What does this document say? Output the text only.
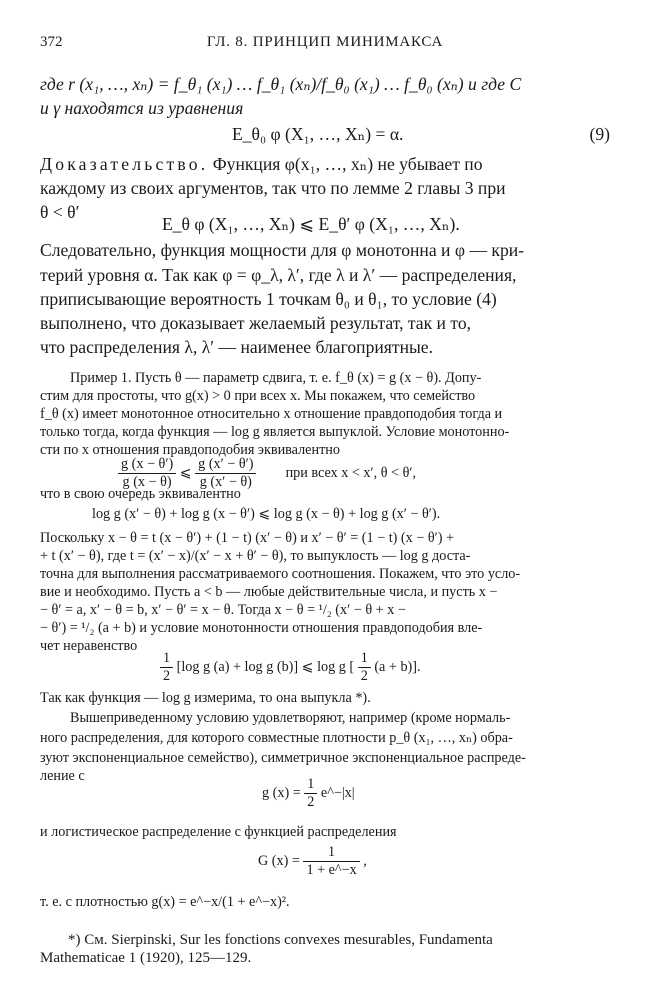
372	ГЛ. 8. ПРИНЦИП МИНИМАКСА
где r (x₁, …, xₙ) = f_θ₁ (x₁) … f_θ₁ (xₙ)/f_θ₀ (x₁) … f_θ₀ (xₙ) и где C
и γ находятся из уравнения
E_θ₀ φ (X₁, …, Xₙ) = α.	(9)
Доказательство. Функция φ(x₁, …, xₙ) не убывает по
каждому из своих аргументов, так что по лемме 2 главы 3 при
θ < θ′
E_θ φ (X₁, …, Xₙ) ⩽ E_θ′ φ (X₁, …, Xₙ).
Следовательно, функция мощности для φ монотонна и φ — кри-
терий уровня α. Так как φ = φ_λ, λ′, где λ и λ′ — распределения,
приписывающие вероятность 1 точкам θ₀ и θ₁, то условие (4)
выполнено, что доказывает желаемый результат, так и то,
что распределения λ, λ′ — наименее благоприятные.
Пример 1. Пусть θ — параметр сдвига, т. е. f_θ (x) = g (x − θ). Допу-
стим для простоты, что g(x) > 0 при всех x. Мы покажем, что семейство
f_θ (x) имеет монотонное относительно x отношение правдоподобия тогда и
только тогда, когда функция — log g является выпуклой. Условие монотонно-
сти по x отношения правдоподобия эквивалентно
$\frac{g (x - \theta')}{g (x - \theta)}$ ⩽ $\frac{g (x' - \theta')}{g (x' - \theta)}$ при всех x < x′, θ < θ′,
что в свою очередь эквивалентно
log g (x′ − θ) + log g (x − θ′) ⩽ log g (x − θ) + log g (x′ − θ′).
Поскольку x − θ = t (x − θ′) + (1 − t) (x′ − θ) и x′ − θ′ = (1 − t) (x − θ′) +
+ t (x′ − θ), где t = (x′ − x)/(x′ − x + θ′ − θ), то выпуклость — log g доста-
точна для выполнения рассматриваемого соотношения. Покажем, что это усло-
вие и необходимо. Пусть a < b — любые действительные числа, и пусть x −
− θ′ = a, x′ − θ = b, x′ − θ′ = x − θ. Тогда x − θ = ¹/₂ (x′ − θ + x −
− θ′) = ¹/₂ (a + b) и условие монотонности отношения правдоподобия вле-
чет неравенство
$\frac{1}{2} [\log$ g (a) + log g (b)] ⩽ log g [ $\frac{1}{2} (a + b)$].
Так как функция — log g измерима, то она выпукла *).
Вышеприведенному условию удовлетворяют, например (кроме нормаль-
ного распределения, для которого совместные плотности p_θ (x₁, …, xₙ) обра-
зуют экспоненциальное семейство), симметричное экспоненциальное распреде-
ление с
g $(x) = \frac{1}{2}$ e^−|x|
и логистическое распределение с функцией распределения
G $(x) = \frac{1}{1 + e\^{}-x}$ ,
т. е. с плотностью g(x) = e^−x/(1 + e^−x)².
*) См. Sierpinski, Sur les fonctions convexes mesurables, Fundamenta
Mathematicae 1 (1920), 125—129.
